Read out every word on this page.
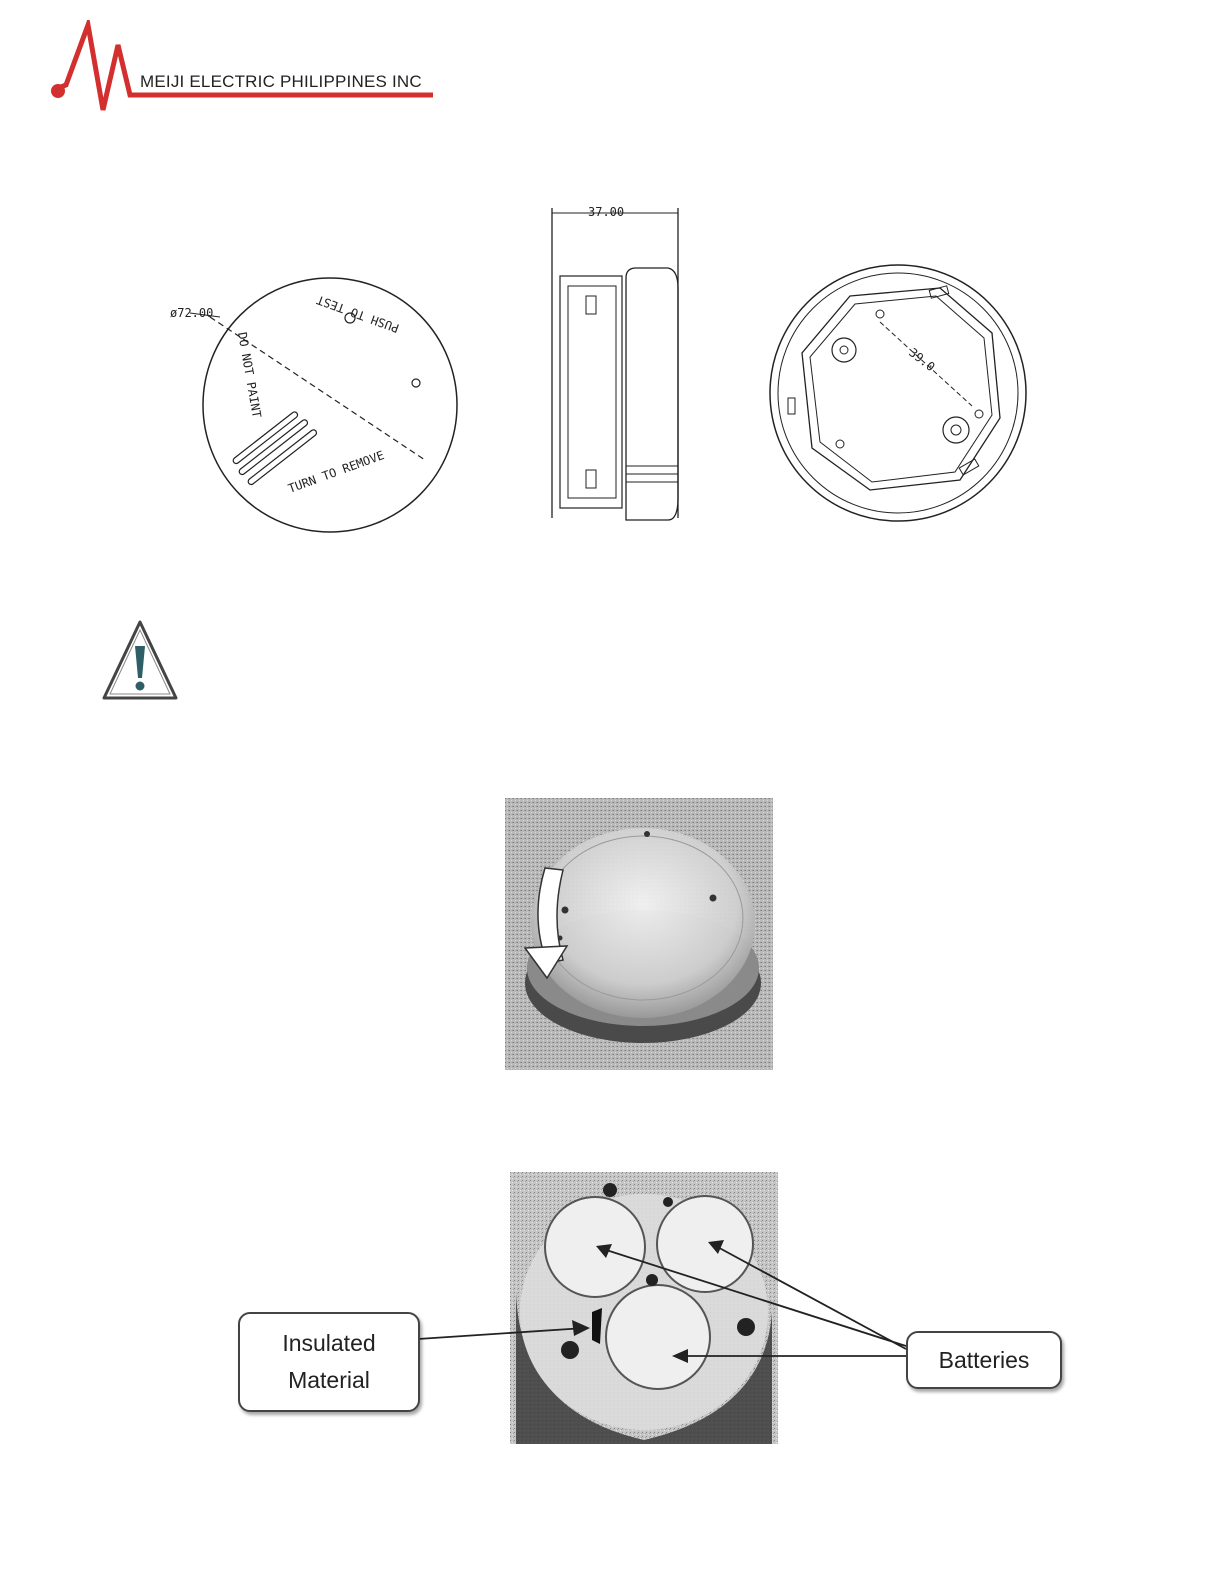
MEIJI ELECTRIC PHILIPPINES INC
ø72.00	PUSH TO TEST
DO NOT PAINT
TURN TO REMOVE
37.00
39.0
Insulated
Material
Batteries
